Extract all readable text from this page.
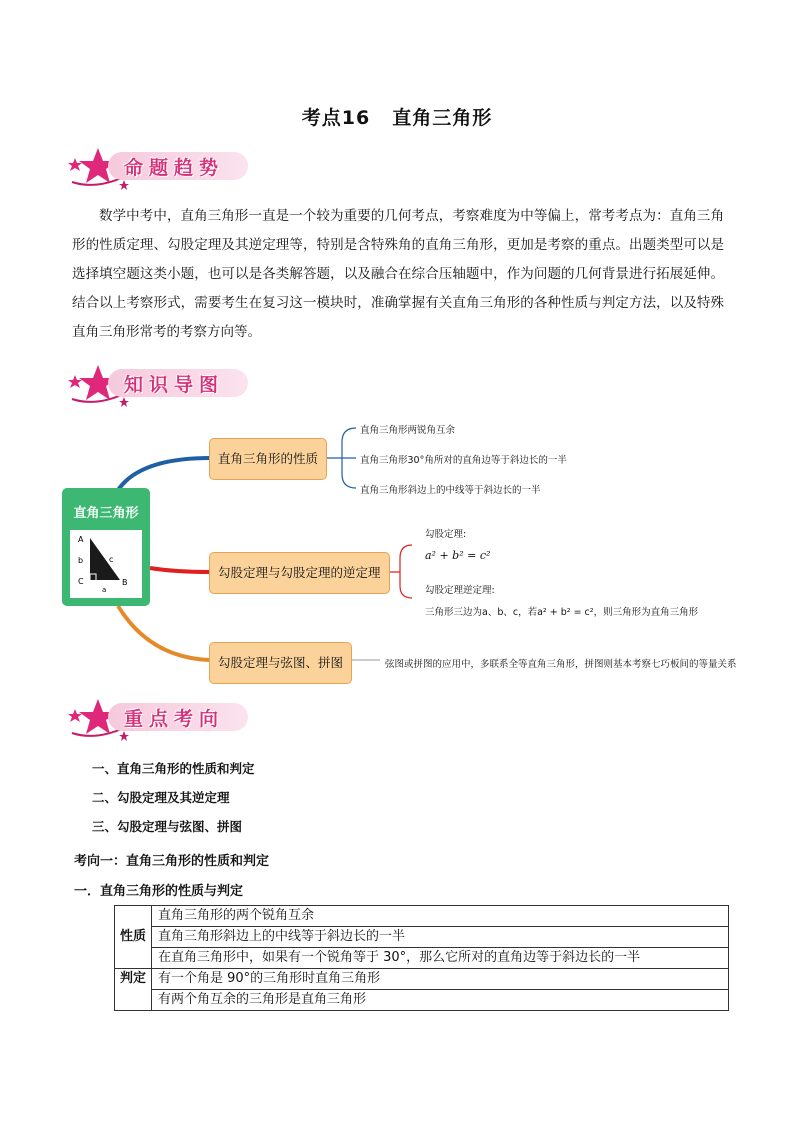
考点16 直角三角形
命题趋势
数学中考中，直角三角形一直是一个较为重要的几何考点，考察难度为中等偏上，常考考点为：直角三角形的性质定理、勾股定理及其逆定理等，特别是含特殊角的直角三角形，更加是考察的重点。出题类型可以是选择填空题这类小题，也可以是各类解答题，以及融合在综合压轴题中，作为问题的几何背景进行拓展延伸。结合以上考察形式，需要考生在复习这一模块时，准确掌握有关直角三角形的各种性质与判定方法，以及特殊直角三角形常考的考察方向等。
知识导图
直角三角形
A
b
C
c
B
a
直角三角形的性质
勾股定理与勾股定理的逆定理
勾股定理与弦图、拼图
直角三角形两锐角互余
直角三角形30°角所对的直角边等于斜边长的一半
直角三角形斜边上的中线等于斜边长的一半
勾股定理:
a² + b² = c²
勾股定理逆定理:
三角形三边为a、b、c，若a² + b² = c²，则三角形为直角三角形
弦图或拼图的应用中，多联系全等直角三角形，拼图则基本考察七巧板间的等量关系
重点考向
一、直角三角形的性质和判定
二、勾股定理及其逆定理
三、勾股定理与弦图、拼图
考向一：直角三角形的性质和判定
一．直角三角形的性质与判定
性质	直角三角形的两个锐角互余
	直角三角形斜边上的中线等于斜边长的一半
	在直角三角形中，如果有一个锐角等于 30°，那么它所对的直角边等于斜边长的一半
判定	有一个角是 90°的三角形时直角三角形
	有两个角互余的三角形是直角三角形
